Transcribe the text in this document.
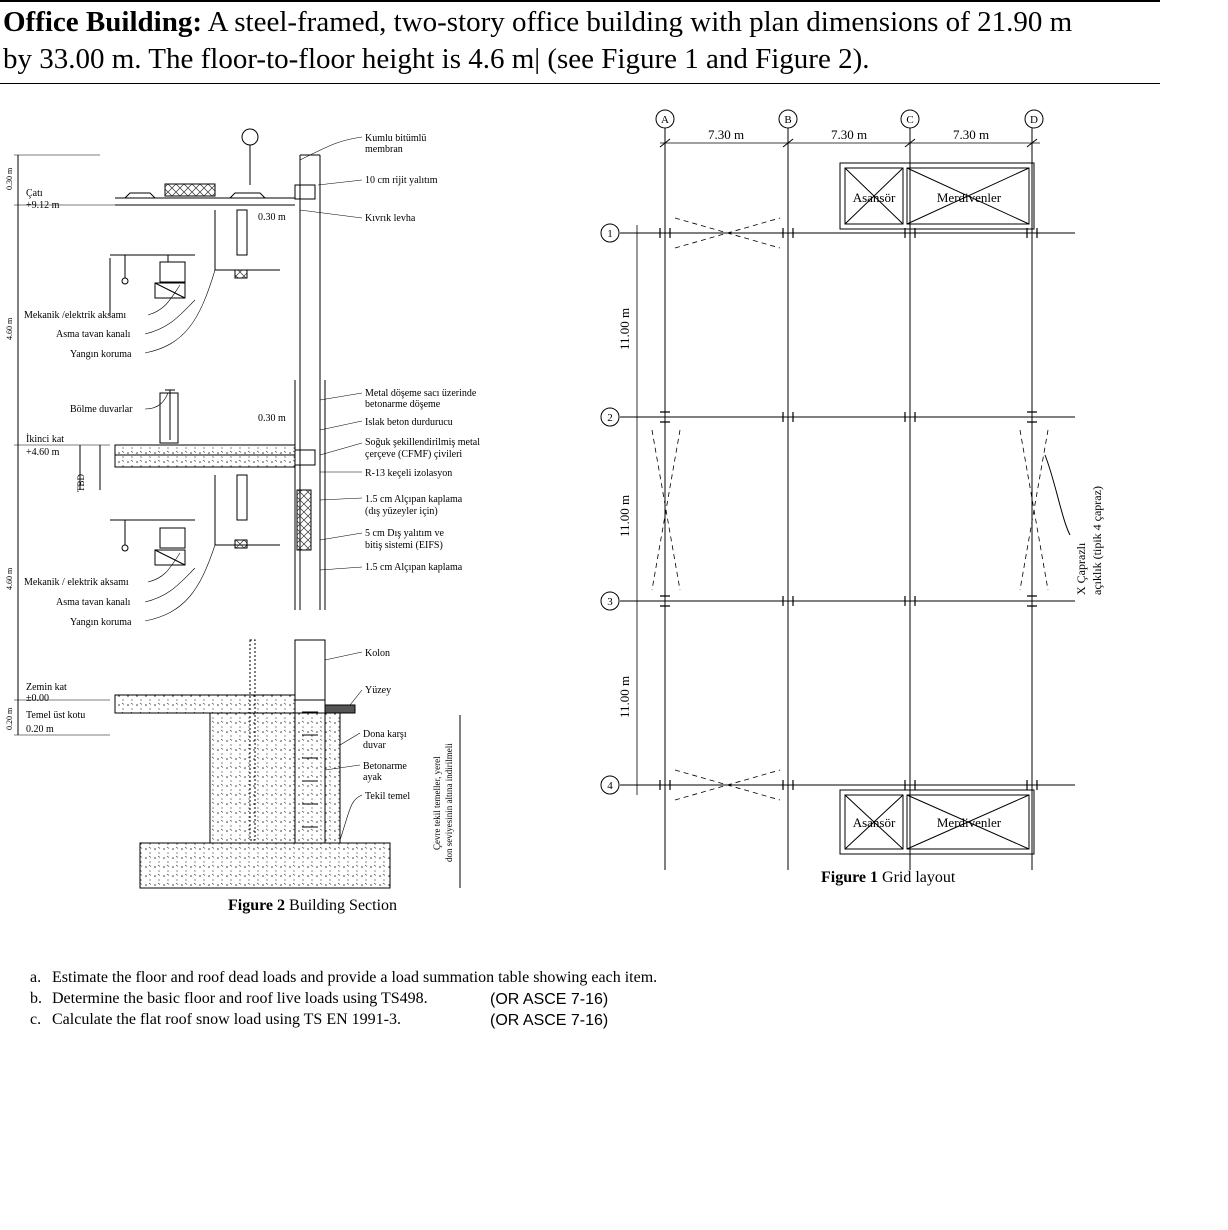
Office Building: A steel-framed, two-story office building with plan dimensions of 21.90 m
by 33.00 m. The floor-to-floor height is 4.6 m| (see Figure 1 and Figure 2).
0.30 m
Çatı
+9.12 m
4.60 m
İkinci kat
+4.60 m
TBD
4.60 m
Zemin kat
±0.00
Temel üst kotu
0.20 m
0.20 m
0.30 m
0.30 m
Mekanik /elektrik aksamı
Asma tavan kanalı
Yangın koruma
Bölme duvarlar
Mekanik / elektrik aksamı
Asma tavan kanalı
Yangın koruma
Kumlu bitümlü
membran
10 cm rijit yalıtım
Kıvrık levha
Metal döşeme sacı üzerinde
betonarme döşeme
Islak beton durdurucu
Soğuk şekillendirilmiş metal
çerçeve (CFMF) çivileri
R-13 keçeli izolasyon
1.5 cm Alçıpan kaplama
(dış yüzeyler için)
5 cm Dış yalıtım ve
bitiş sistemi (EIFS)
1.5 cm Alçıpan kaplama
Kolon
Yüzey
Dona karşı
duvar
Betonarme
ayak
Tekil temel Çevre tekil temeller, yerel don seviyesinin altına indirilmeli
A	B	C	D
1
2
3
4
7.30 m	7.30 m	7.30 m
11.00 m
11.00 m
11.00 m
Asansör	Merdivenler
Asansör	Merdivenler
X Çaprazlı açıklık (tipik 4 çapraz)
Figure 1 Grid layout
Figure 2 Building Section
a. Estimate the floor and roof dead loads and provide a load summation table showing each item.
b. Determine the basic floor and roof live loads using TS498.	(OR ASCE 7-16)
c. Calculate the flat roof snow load using TS EN 1991-3.	(OR ASCE 7-16)
